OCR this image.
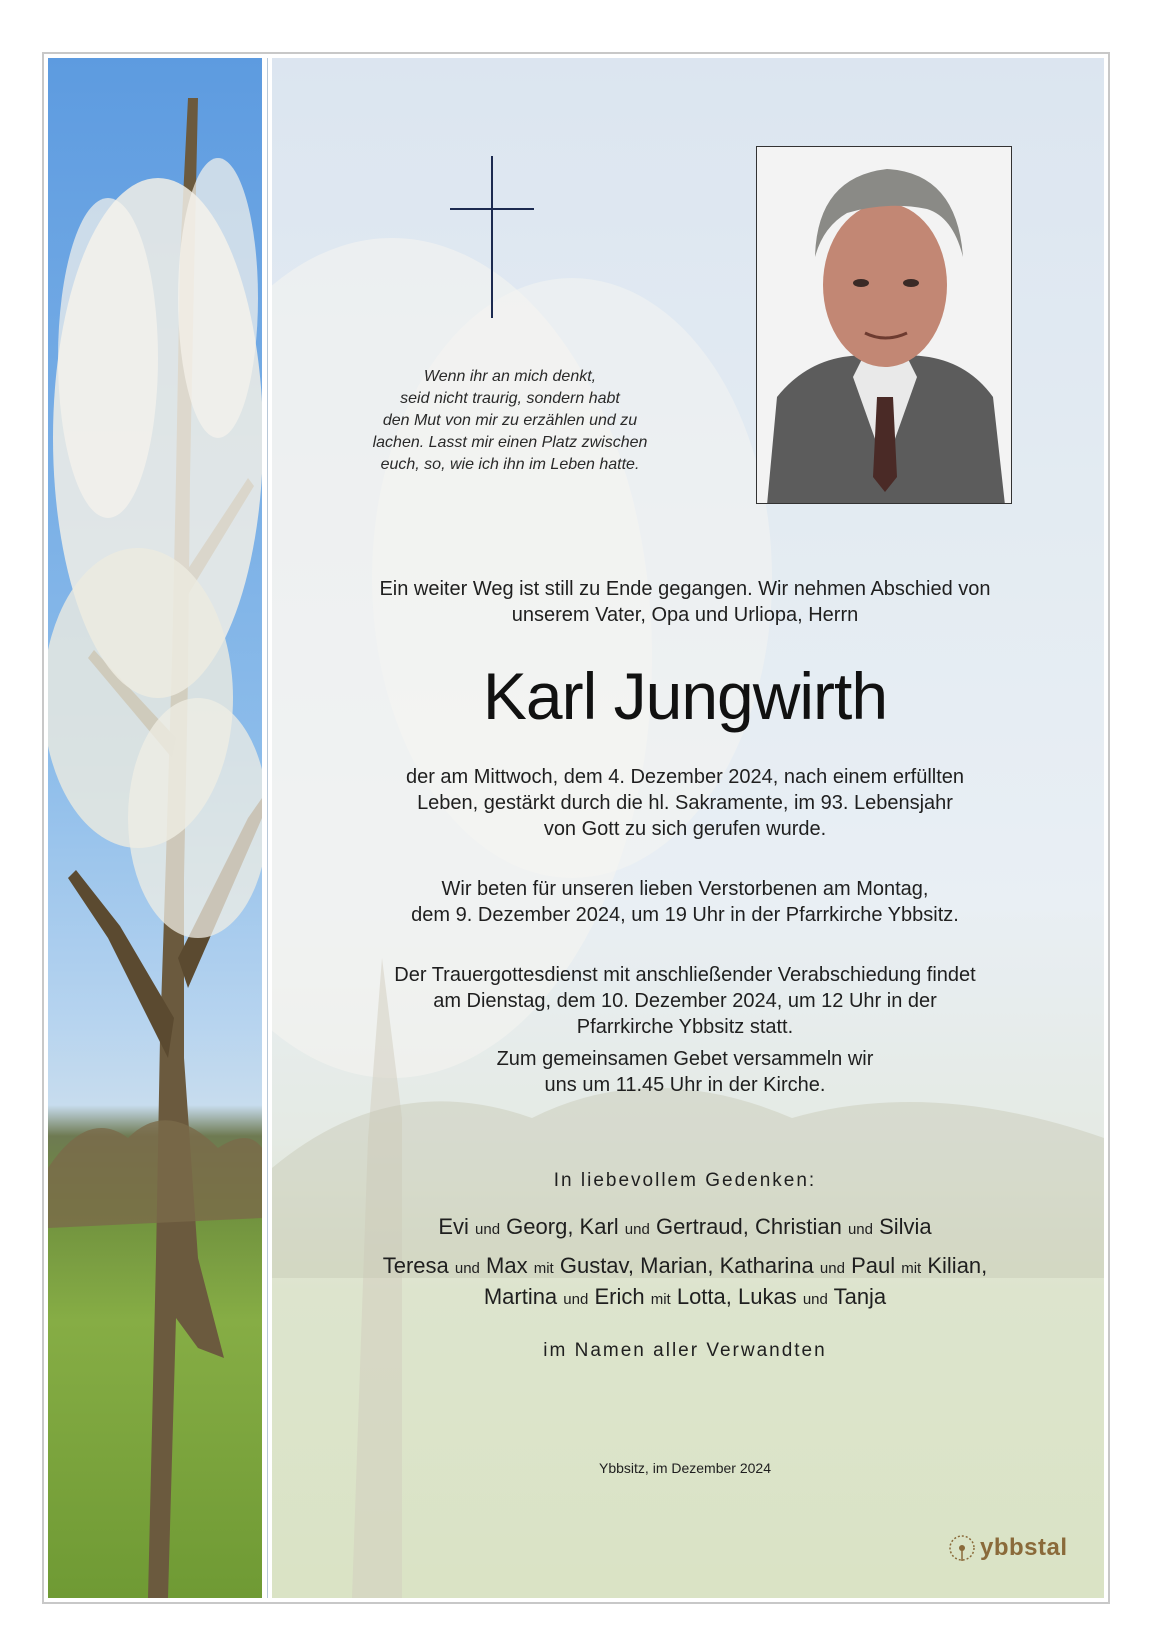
Wenn ihr an mich denkt,
seid nicht traurig, sondern habt
den Mut von mir zu erzählen und zu
lachen. Lasst mir einen Platz zwischen
euch, so, wie ich ihn im Leben hatte.
Ein weiter Weg ist still zu Ende gegangen. Wir nehmen Abschied von
unserem Vater, Opa und Urliopa, Herrn
Karl Jungwirth
der am Mittwoch, dem 4. Dezember 2024, nach einem erfüllten
Leben, gestärkt durch die hl. Sakramente, im 93. Lebensjahr
von Gott zu sich gerufen wurde.
Wir beten für unseren lieben Verstorbenen am Montag,
dem 9. Dezember 2024, um 19 Uhr in der Pfarrkirche Ybbsitz.
Der Trauergottesdienst mit anschließender Verabschiedung findet
am Dienstag, dem 10. Dezember 2024, um 12 Uhr in der
Pfarrkirche Ybbsitz statt.
Zum gemeinsamen Gebet versammeln wir
uns um 11.45 Uhr in der Kirche.
In liebevollem Gedenken:
Evi und Georg, Karl und Gertraud, Christian und Silvia
Teresa und Max mit Gustav, Marian, Katharina und Paul mit Kilian,
Martina und Erich mit Lotta, Lukas und Tanja
im Namen aller Verwandten
Ybbsitz, im Dezember 2024
ybbstal
